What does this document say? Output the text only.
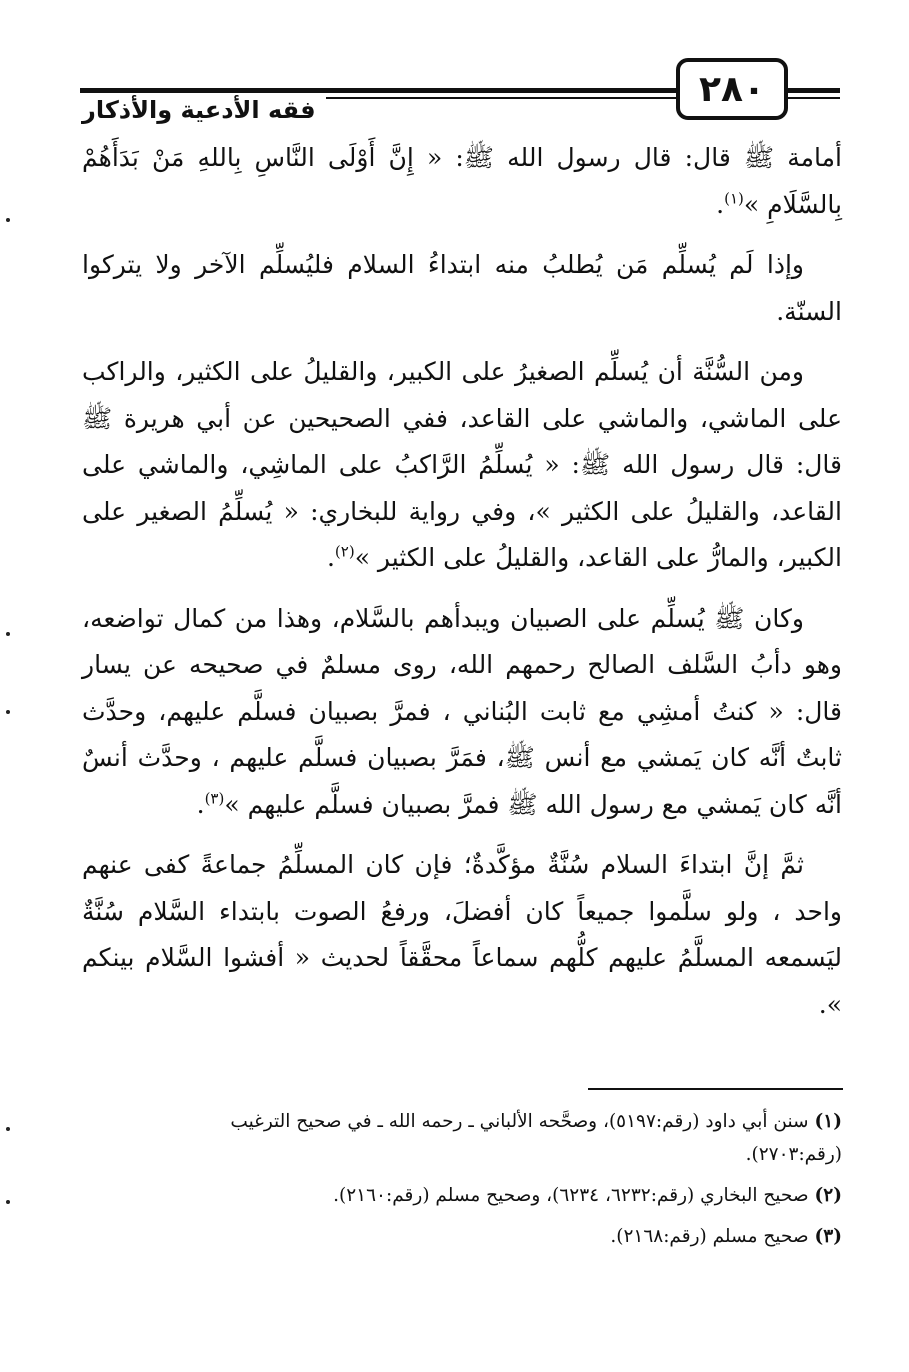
فقه الأدعية والأذكار
٢٨٠

أمامة ﷺ قال: قال رسول الله ﷺ: « إِنَّ أَوْلَى النَّاسِ بِاللهِ مَنْ بَدَأَهُمْ بِالسَّلَامِ »$^{(١)}$.

وإذا لَم يُسلِّم مَن يُطلبُ منه ابتداءُ السلام فليُسلِّم الآخر ولا يتركوا السنّة.

ومن السُّنَّة أن يُسلِّم الصغيرُ على الكبير، والقليلُ على الكثير، والراكب على الماشي، والماشي على القاعد، ففي الصحيحين عن أبي هريرة ﷺ قال: قال رسول الله ﷺ: « يُسلِّمُ الرَّاكبُ على الماشِي، والماشي على القاعد، والقليلُ على الكثير »، وفي رواية للبخاري: « يُسلِّمُ الصغير على الكبير، والمارُّ على القاعد، والقليلُ على الكثير »$^{(٢)}$.

وكان ﷺ يُسلِّم على الصبيان ويبدأهم بالسَّلام، وهذا من كمال تواضعه، وهو دأبُ السَّلف الصالح رحمهم الله، روى مسلمٌ في صحيحه عن يسار قال: « كنتُ أمشِي مع ثابت البُناني ، فمرَّ بصبيان فسلَّم عليهم، وحدَّث ثابتٌ أنَّه كان يَمشي مع أنس ﷺ، فمَرَّ بصبيان فسلَّم عليهم ، وحدَّث أنسٌ أنَّه كان يَمشي مع رسول الله ﷺ فمرَّ بصبيان فسلَّم عليهم »$^{(٣)}$.

ثمَّ إنَّ ابتداءَ السلام سُنَّةٌ مؤكَّدةٌ؛ فإن كان المسلِّمُ جماعةً كفى عنهم واحد ، ولو سلَّموا جميعاً كان أفضلَ، ورفعُ الصوت بابتداء السَّلام سُنَّةٌ ليَسمعه المسلَّمُ عليهم كلُّهم سماعاً محقَّقاً لحديث « أفشوا السَّلام بينكم ».

(١)سنن أبي داود (رقم:٥١٩٧)، وصحَّحه الألباني ـ رحمه الله ـ في صحيح الترغيب (رقم:٢٧٠٣).
(٢)صحيح البخاري (رقم:٦٢٣٢، ٦٢٣٤)، وصحيح مسلم (رقم:٢١٦٠).
(٣)صحيح مسلم (رقم:٢١٦٨).
